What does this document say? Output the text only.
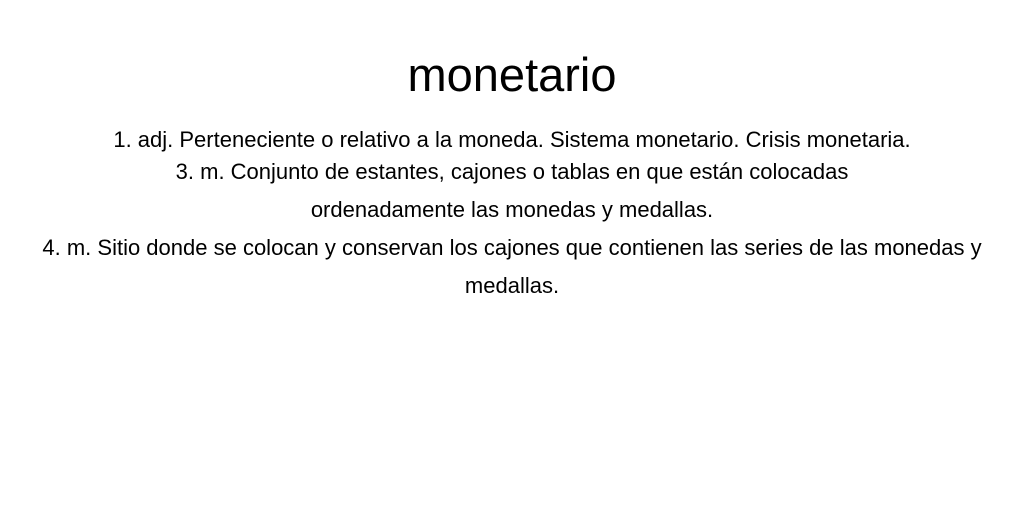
monetario

1. adj. Perteneciente o relativo a la moneda. Sistema monetario. Crisis monetaria.

3. m. Conjunto de estantes, cajones o tablas en que están colocadas ordenadamente las monedas y medallas.

4. m. Sitio donde se colocan y conservan los cajones que contienen las series de las monedas y medallas.
